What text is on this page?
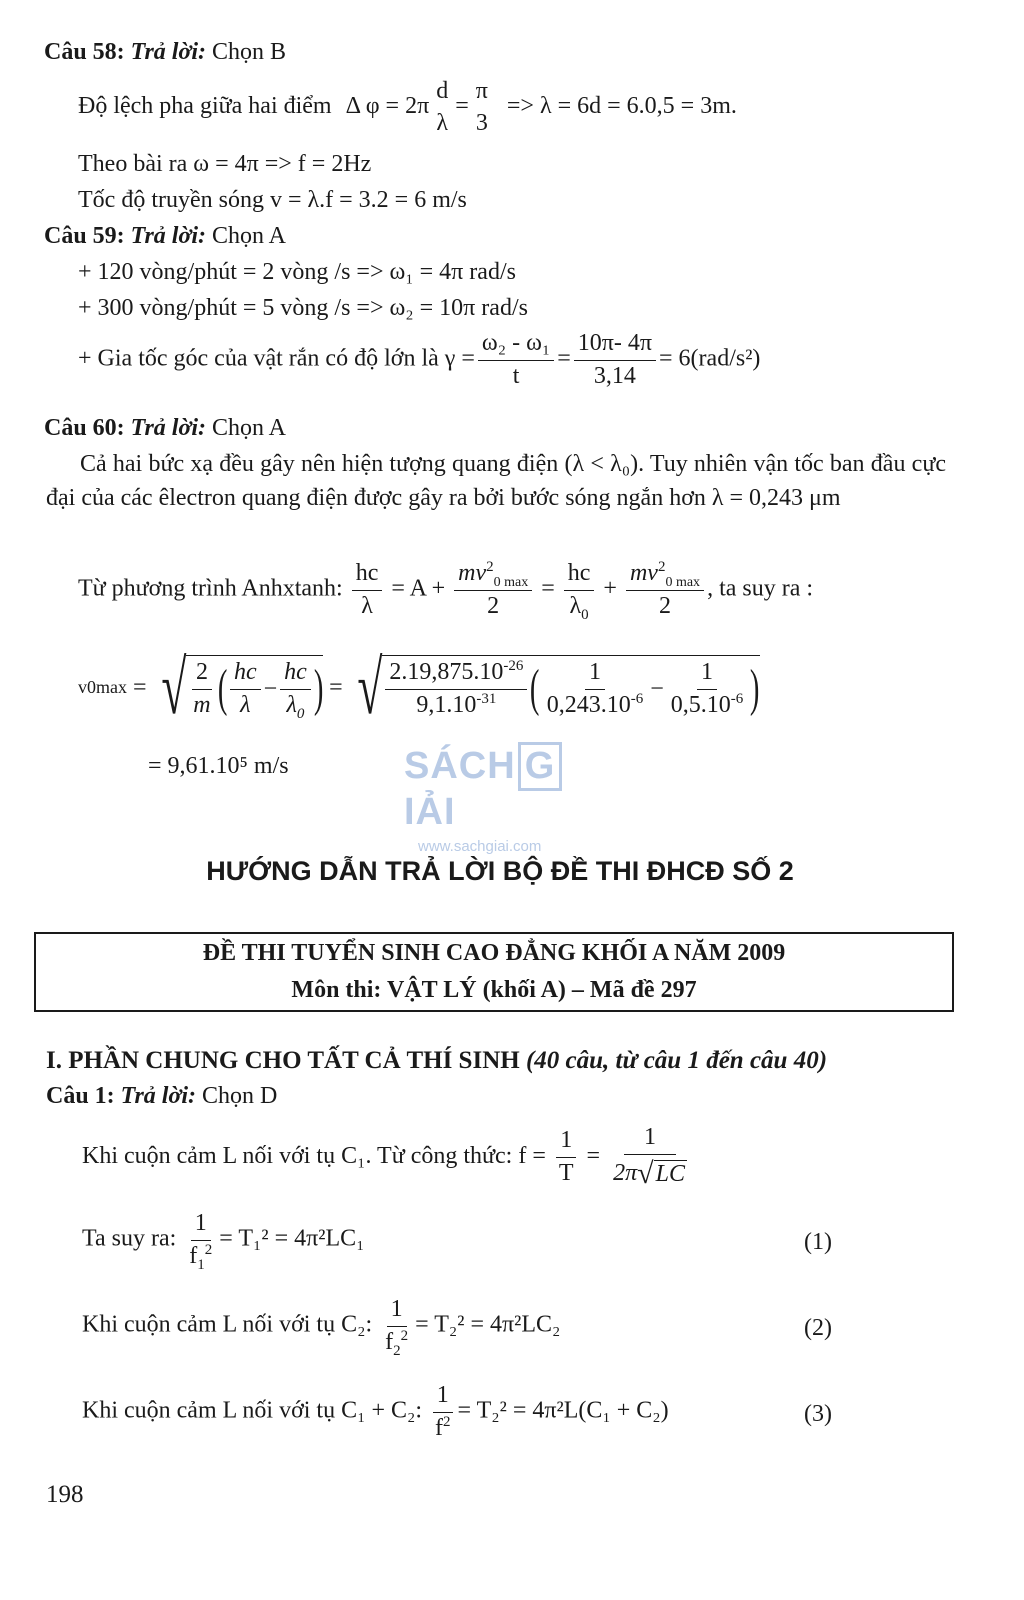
Câu 58: Trả lời: Chọn B
Độ lệch pha giữa hai điểm Δ φ = 2π
d
λ
=
π
3
=> λ = 6d = 6.0,5 = 3m.
Theo bài ra ω = 4π => f = 2Hz
Tốc độ truyền sóng v = λ.f = 3.2 = 6 m/s
Câu 59: Trả lời: Chọn A
+ 120 vòng/phút = 2 vòng /s => ω₁ = 4π rad/s
+ 300 vòng/phút = 5 vòng /s => ω₂ = 10π rad/s
+ Gia tốc góc của vật rắn có độ lớn là $\gamma = \frac{\text{ω₂ - ω₁}}{t} = \frac{10\pi- 4\pi}{3,14} = 6(rad/s^2)$
Câu 60: Trả lời: Chọn A
Cả hai bức xạ đều gây nên hiện tượng quang điện (λ < λ₀). Tuy nhiên vận tốc ban đầu cực đại của các êlectron quang điện được gây ra bởi bước sóng ngắn hơn λ = 0,243 μm
Từ phương trình Anhxtanh: $\frac{hc}{\lambda} = A + \frac{mv^2_{0 max}}{2} = \frac{hc}{\lambda_0} + \frac{mv^2_{0 max}}{2}$ , ta suy ra :
v0max = √ $\frac{2}{m}$ ( $\frac{hc}{\lambda} - \frac{hc}{\lambda_0}$ ) = √ $\frac{2.19,875.10^{-26}}{9,1.10^{-31}}$ ( $\frac{1}{0,243.10^{-6}} - \frac{1}{0,5.10^{-6}}$ )
= 9,61.10⁵ m/s	SÁCH GIẢI
www.sachgiai.com
HƯỚNG DẪN TRẢ LỜI BỘ ĐỀ THI ĐHCĐ SỐ 2
ĐỀ THI TUYỂN SINH CAO ĐẲNG KHỐI A NĂM 2009
Môn thi: VẬT LÝ (khối A) – Mã đề 297
I. PHẦN CHUNG CHO TẤT CẢ THÍ SINH (40 câu, từ câu 1 đến câu 40)
Câu 1: Trả lời: Chọn D
Khi cuộn cảm L nối với tụ C₁. Từ công thức: $f = \frac{1}{T} = \frac{1}{2\pi √ LC}$
Ta suy ra: $\frac{1}{f_1^2} = T_1^2 = 4\pi^2LC_1$	(1)
Khi cuộn cảm L nối với tụ C₂: $\frac{1}{f_2^2} = T_2^2 = 4\pi^2LC_2$	(2)
Khi cuộn cảm L nối với tụ C₁ + C₂: $\frac{1}{f^2} = T_2^2 = 4\pi^2L(C_1 + C_2)$	(3)
198
